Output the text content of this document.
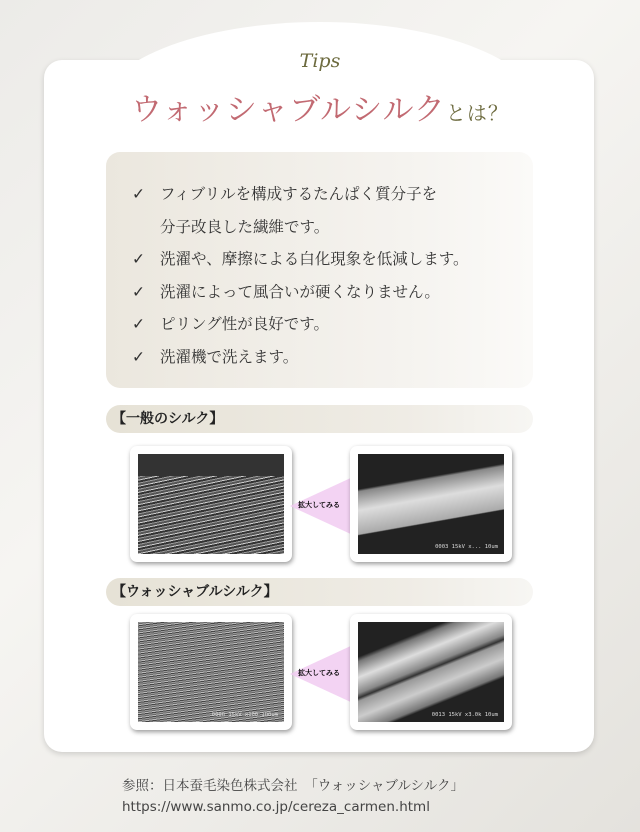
Tips
ウォッシャブルシルクとは？
✓ フィブリルを構成するたんぱく質分子を
分子改良した繊維です。
✓ 洗濯や、摩擦による白化現象を低減します。
✓ 洗濯によって風合いが硬くなりません。
✓ ピリング性が良好です。
✓ 洗濯機で洗えます。
【一般のシルク】
拡大してみる
0003 15kV x... 10um
【ウォッシャブルシルク】
0006 15kV x100 100um
拡大してみる
0013 15kV x3.0k 10um
参照：日本蚕毛染色株式会社　「ウォッシャブルシルク」
https://www.sanmo.co.jp/cereza_carmen.html
